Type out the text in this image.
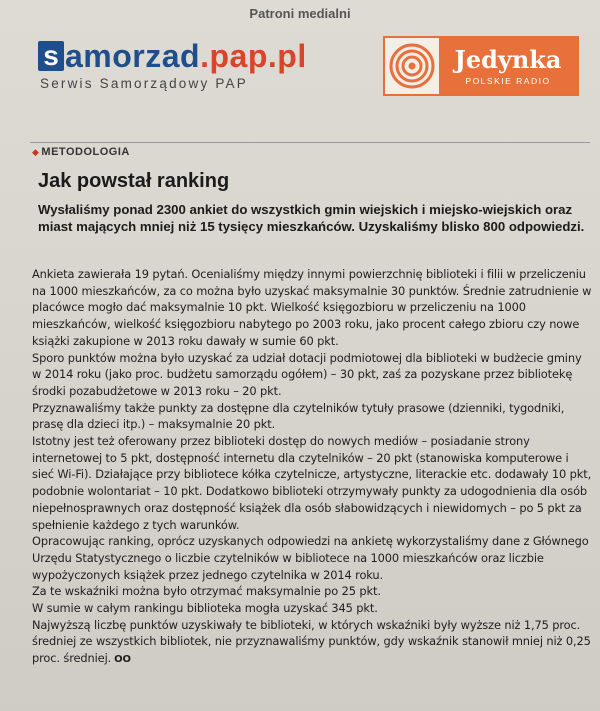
Patroni medialni
s amorzad .pap.pl
Serwis Samorządowy PAP
Jedynka
POLSKIE RADIO
◆ METODOLOGIA
Jak powstał ranking
Wysłaliśmy ponad 2300 ankiet do wszystkich gmin wiejskich i miejsko-wiejskich oraz miast mających mniej niż 15 tysięcy mieszkańców. Uzyskaliśmy blisko 800 odpowiedzi.

Ankieta zawierała 19 pytań. Ocenialiśmy między innymi powierzchnię biblioteki i filii w przeliczeniu na 1000 mieszkańców, za co można było uzyskać maksymalnie 30 punktów. Średnie zatrudnienie w placówce mogło dać maksymalnie 10 pkt. Wielkość księgozbioru w przeliczeniu na 1000 mieszkańców, wielkość księgozbioru nabytego po 2003 roku, jako procent całego zbioru czy nowe książki zakupione w 2013 roku dawały w sumie 60 pkt.

Sporo punktów można było uzyskać za udział dotacji podmiotowej dla biblioteki w budżecie gminy w 2014 roku (jako proc. budżetu samorządu ogółem) – 30 pkt, zaś za pozyskane przez bibliotekę środki pozabudżetowe w 2013 roku – 20 pkt.

Przyznawaliśmy także punkty za dostępne dla czytelników tytuły prasowe (dzienniki, tygodniki, prasę dla dzieci itp.) – maksymalnie 20 pkt.

Istotny jest też oferowany przez biblioteki dostęp do nowych mediów – posiadanie strony internetowej to 5 pkt, dostępność internetu dla czytelników – 20 pkt (stanowiska komputerowe i sieć Wi-Fi). Działające przy bibliotece kółka czytelnicze, artystyczne, literackie etc. dodawały 10 pkt, podobnie wolontariat – 10 pkt. Dodatkowo biblioteki otrzymywały punkty za udogodnienia dla osób niepełnosprawnych oraz dostępność książek dla osób słabowidzących i niewidomych – po 5 pkt za spełnienie każdego z tych warunków.

Opracowując ranking, oprócz uzyskanych odpowiedzi na ankietę wykorzystaliśmy dane z Głównego Urzędu Statystycznego o liczbie czytelników w bibliotece na 1000 mieszkańców oraz liczbie wypożyczonych książek przez jednego czytelnika w 2014 roku.

Za te wskaźniki można było otrzymać maksymalnie po 25 pkt.

W sumie w całym rankingu biblioteka mogła uzyskać 345 pkt.

Najwyższą liczbę punktów uzyskiwały te biblioteki, w których wskaźniki były wyższe niż 1,75 proc. średniej ze wszystkich bibliotek, nie przyznawaliśmy punktów, gdy wskaźnik stanowił mniej niż 0,25 proc. średniej. OO
